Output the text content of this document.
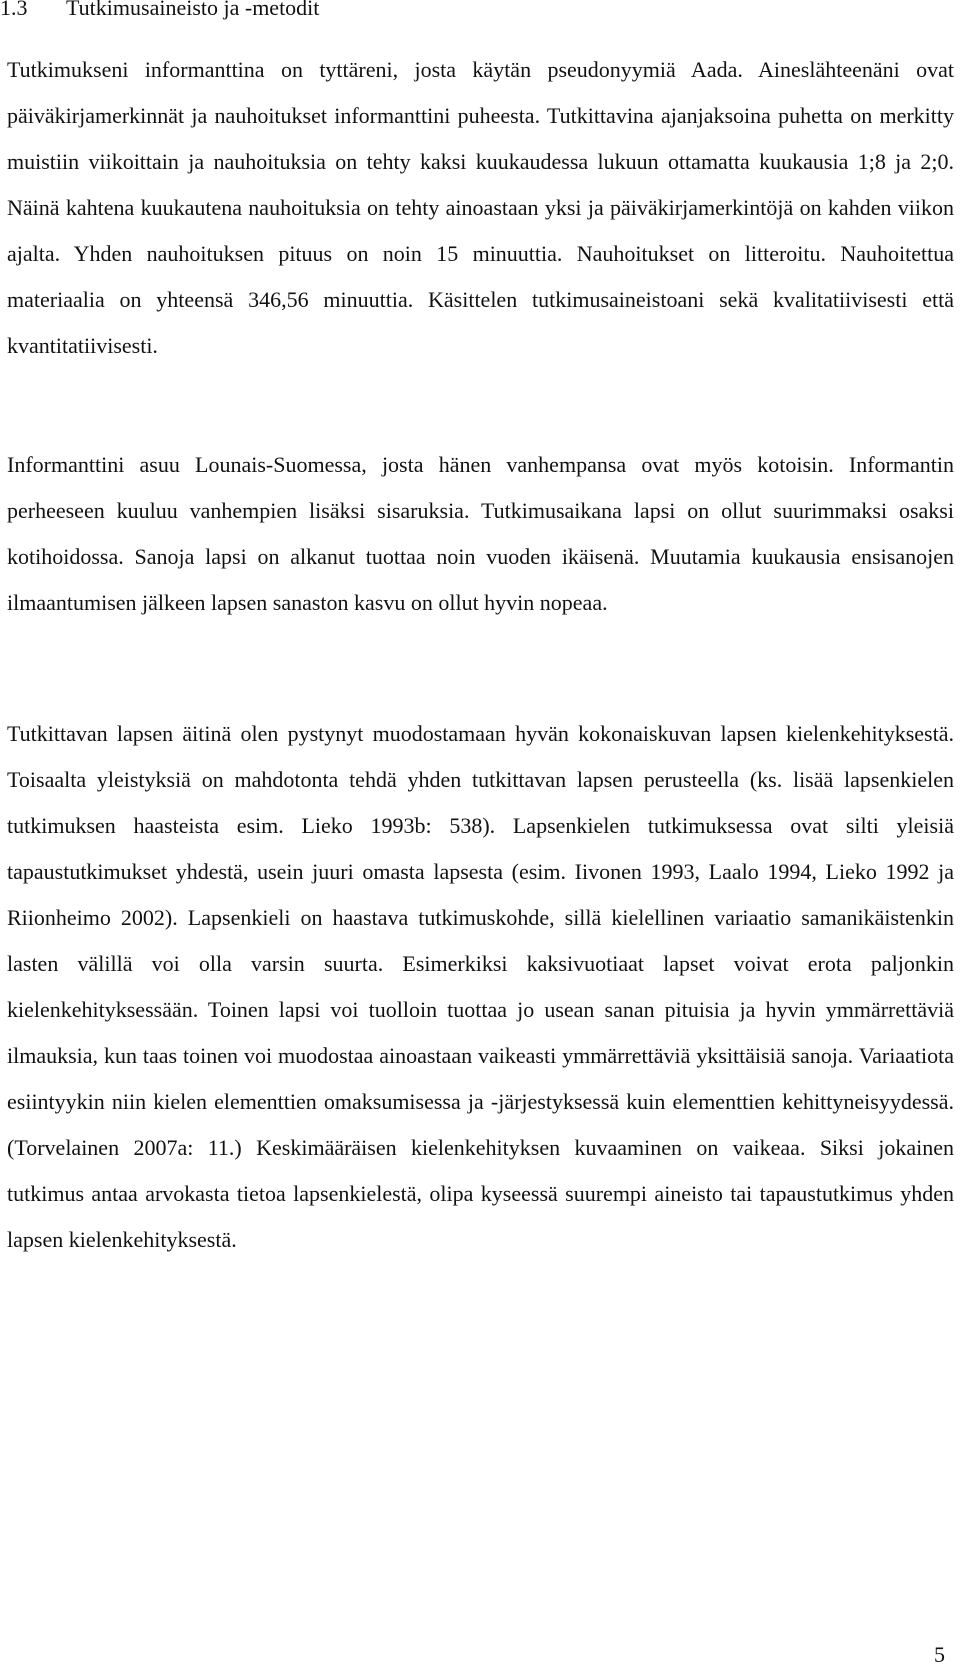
1.3 Tutkimusaineisto ja -metodit

Tutkimukseni informanttina on tyttäreni, josta käytän pseudonyymiä Aada. Aineslähteenäni ovat päiväkirjamerkinnät ja nauhoitukset informanttini puheesta. Tutkittavina ajanjaksoina puhetta on merkitty muistiin viikoittain ja nauhoituksia on tehty kaksi kuukaudessa lukuun ottamatta kuukausia 1;8 ja 2;0. Näinä kahtena kuukautena nauhoituksia on tehty ainoastaan yksi ja päiväkirjamerkintöjä on kahden viikon ajalta. Yhden nauhoituksen pituus on noin 15 minuuttia. Nauhoitukset on litteroitu. Nauhoitettua materiaalia on yhteensä 346,56 minuuttia. Käsittelen tutkimusaineistoani sekä kvalitatiivisesti että kvantitatiivisesti.

Informanttini asuu Lounais-Suomessa, josta hänen vanhempansa ovat myös kotoisin. Informantin perheeseen kuuluu vanhempien lisäksi sisaruksia. Tutkimusaikana lapsi on ollut suurimmaksi osaksi kotihoidossa. Sanoja lapsi on alkanut tuottaa noin vuoden ikäisenä. Muutamia kuukausia ensisanojen ilmaantumisen jälkeen lapsen sanaston kasvu on ollut hyvin nopeaa.

Tutkittavan lapsen äitinä olen pystynyt muodostamaan hyvän kokonaiskuvan lapsen kielenkehityksestä. Toisaalta yleistyksiä on mahdotonta tehdä yhden tutkittavan lapsen perusteella (ks. lisää lapsenkielen tutkimuksen haasteista esim. Lieko 1993b: 538). Lapsenkielen tutkimuksessa ovat silti yleisiä tapaustutkimukset yhdestä, usein juuri omasta lapsesta (esim. Iivonen 1993, Laalo 1994, Lieko 1992 ja Riionheimo 2002). Lapsenkieli on haastava tutkimuskohde, sillä kielellinen variaatio samanikäistenkin lasten välillä voi olla varsin suurta. Esimerkiksi kaksivuotiaat lapset voivat erota paljonkin kielenkehityksessään. Toinen lapsi voi tuolloin tuottaa jo usean sanan pituisia ja hyvin ymmärrettäviä ilmauksia, kun taas toinen voi muodostaa ainoastaan vaikeasti ymmärrettäviä yksittäisiä sanoja. Variaatiota esiintyykin niin kielen elementtien omaksumisessa ja -järjestyksessä kuin elementtien kehittyneisyydessä. (Torvelainen 2007a: 11.) Keskimääräisen kielenkehityksen kuvaaminen on vaikeaa. Siksi jokainen tutkimus antaa arvokasta tietoa lapsenkielestä, olipa kyseessä suurempi aineisto tai tapaustutkimus yhden lapsen kielenkehityksestä.

5
